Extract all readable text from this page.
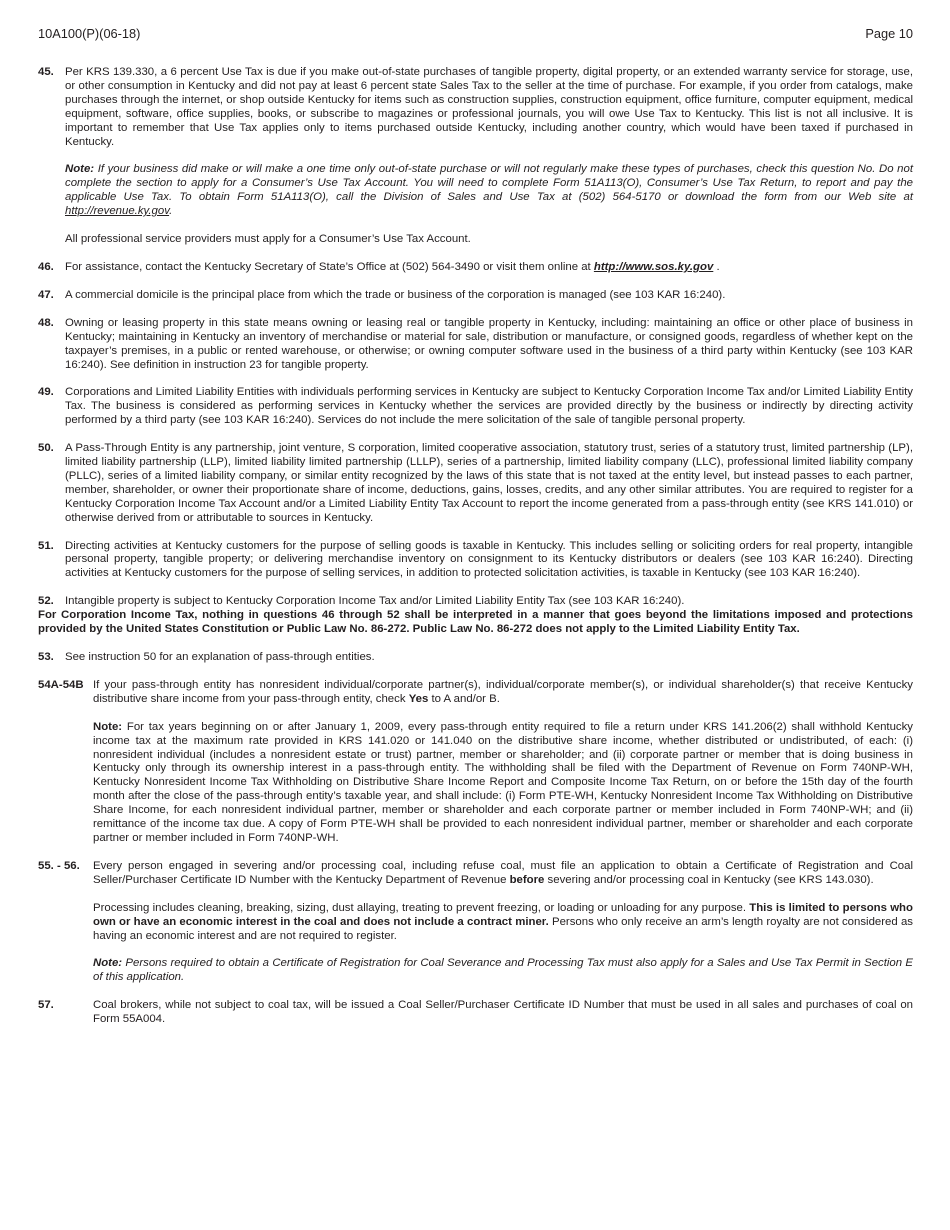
10A100(P)(06-18)	Page 10
45. Per KRS 139.330, a 6 percent Use Tax is due if you make out-of-state purchases of tangible property, digital property, or an extended warranty service for storage, use, or other consumption in Kentucky and did not pay at least 6 percent state Sales Tax to the seller at the time of purchase. For example, if you order from catalogs, make purchases through the internet, or shop outside Kentucky for items such as construction supplies, construction equipment, office furniture, computer equipment, medical equipment, software, office supplies, books, or subscribe to magazines or professional journals, you will owe Use Tax to Kentucky. This list is not all inclusive. It is important to remember that Use Tax applies only to items purchased outside Kentucky, including another country, which would have been taxed if purchased in Kentucky.

Note: If your business did make or will make a one time only out-of-state purchase or will not regularly make these types of purchases, check this question No. Do not complete the section to apply for a Consumer’s Use Tax Account. You will need to complete Form 51A113(O), Consumer’s Use Tax Return, to report and pay the applicable Use Tax. To obtain Form 51A113(O), call the Division of Sales and Use Tax at (502) 564-5170 or download the form from our Web site at http://revenue.ky.gov.

All professional service providers must apply for a Consumer’s Use Tax Account.

46. For assistance, contact the Kentucky Secretary of State’s Office at (502) 564-3490 or visit them online at http://www.sos.ky.gov .

47. A commercial domicile is the principal place from which the trade or business of the corporation is managed (see 103 KAR 16:240).

48. Owning or leasing property in this state means owning or leasing real or tangible property in Kentucky, including: maintaining an office or other place of business in Kentucky; maintaining in Kentucky an inventory of merchandise or material for sale, distribution or manufacture, or consigned goods, regardless of whether kept on the taxpayer’s premises, in a public or rented warehouse, or otherwise; or owning computer software used in the business of a third party within Kentucky (see 103 KAR 16:240). See definition in instruction 23 for tangible property.

49. Corporations and Limited Liability Entities with individuals performing services in Kentucky are subject to Kentucky Corporation Income Tax and/or Limited Liability Entity Tax. The business is considered as performing services in Kentucky whether the services are provided directly by the business or indirectly by directing activity performed by a third party (see 103 KAR 16:240). Services do not include the mere solicitation of the sale of tangible personal property.

50. A Pass-Through Entity is any partnership, joint venture, S corporation, limited cooperative association, statutory trust, series of a statutory trust, limited partnership (LP), limited liability partnership (LLP), limited liability limited partnership (LLLP), series of a partnership, limited liability company (LLC), professional limited liability company (PLLC), series of a limited liability company, or similar entity recognized by the laws of this state that is not taxed at the entity level, but instead passes to each partner, member, shareholder, or owner their proportionate share of income, deductions, gains, losses, credits, and any other similar attributes. You are required to register for a Kentucky Corporation Income Tax Account and/or a Limited Liability Entity Tax Account to report the income generated from a pass-through entity (see KRS 141.010) or otherwise derived from or attributable to sources in Kentucky.

51. Directing activities at Kentucky customers for the purpose of selling goods is taxable in Kentucky. This includes selling or soliciting orders for real property, intangible personal property, tangible property; or delivering merchandise inventory on consignment to its Kentucky distributors or dealers (see 103 KAR 16:240). Directing activities at Kentucky customers for the purpose of selling services, in addition to protected solicitation activities, is taxable in Kentucky (see 103 KAR 16:240).

52. Intangible property is subject to Kentucky Corporation Income Tax and/or Limited Liability Entity Tax (see 103 KAR 16:240).

For Corporation Income Tax, nothing in questions 46 through 52 shall be interpreted in a manner that goes beyond the limitations imposed and protections provided by the United States Constitution or Public Law No. 86-272. Public Law No. 86-272 does not apply to the Limited Liability Entity Tax.

53. See instruction 50 for an explanation of pass-through entities.

54A-54B If your pass-through entity has nonresident individual/corporate partner(s), individual/corporate member(s), or individual shareholder(s) that receive Kentucky distributive share income from your pass-through entity, check Yes to A and/or B.

Note: For tax years beginning on or after January 1, 2009, every pass-through entity required to file a return under KRS 141.206(2) shall withhold Kentucky income tax at the maximum rate provided in KRS 141.020 or 141.040 on the distributive share income, whether distributed or undistributed, of each: (i) nonresident individual (includes a nonresident estate or trust) partner, member or shareholder; and (ii) corporate partner or member that is doing business in Kentucky only through its ownership interest in a pass-through entity. The withholding shall be filed with the Department of Revenue on Form 740NP-WH, Kentucky Nonresident Income Tax Withholding on Distributive Share Income Report and Composite Income Tax Return, on or before the 15th day of the fourth month after the close of the pass-through entity’s taxable year, and shall include: (i) Form PTE-WH, Kentucky Nonresident Income Tax Withholding on Distributive Share Income, for each nonresident individual partner, member or shareholder and each corporate partner or member included in Form 740NP-WH; and (ii) remittance of the income tax due. A copy of Form PTE-WH shall be provided to each nonresident individual partner, member or shareholder and each corporate partner or member included in Form 740NP-WH.

55. - 56.	Every person engaged in severing and/or processing coal, including refuse coal, must file an application to obtain a Certificate of Registration and Coal Seller/Purchaser Certificate ID Number with the Kentucky Department of Revenue before severing and/or processing coal in Kentucky (see KRS 143.030).

Processing includes cleaning, breaking, sizing, dust allaying, treating to prevent freezing, or loading or unloading for any purpose. This is limited to persons who own or have an economic interest in the coal and does not include a contract miner. Persons who only receive an arm’s length royalty are not considered as having an economic interest and are not required to register.

Note: Persons required to obtain a Certificate of Registration for Coal Severance and Processing Tax must also apply for a Sales and Use Tax Permit in Section E of this application.

57.	Coal brokers, while not subject to coal tax, will be issued a Coal Seller/Purchaser Certificate ID Number that must be used in all sales and purchases of coal on Form 55A004.
